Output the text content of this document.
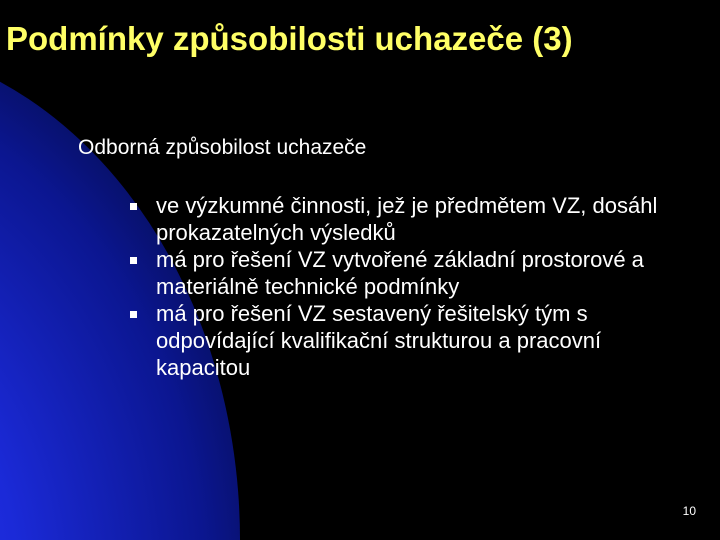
Podmínky způsobilosti uchazeče (3)
Odborná způsobilost uchazeče
ve výzkumné činnosti, jež je předmětem VZ, dosáhl prokazatelných výsledků
má pro řešení VZ vytvořené základní prostorové a materiálně technické podmínky
má pro řešení VZ sestavený řešitelský tým s odpovídající kvalifikační strukturou a pracovní kapacitou
10
